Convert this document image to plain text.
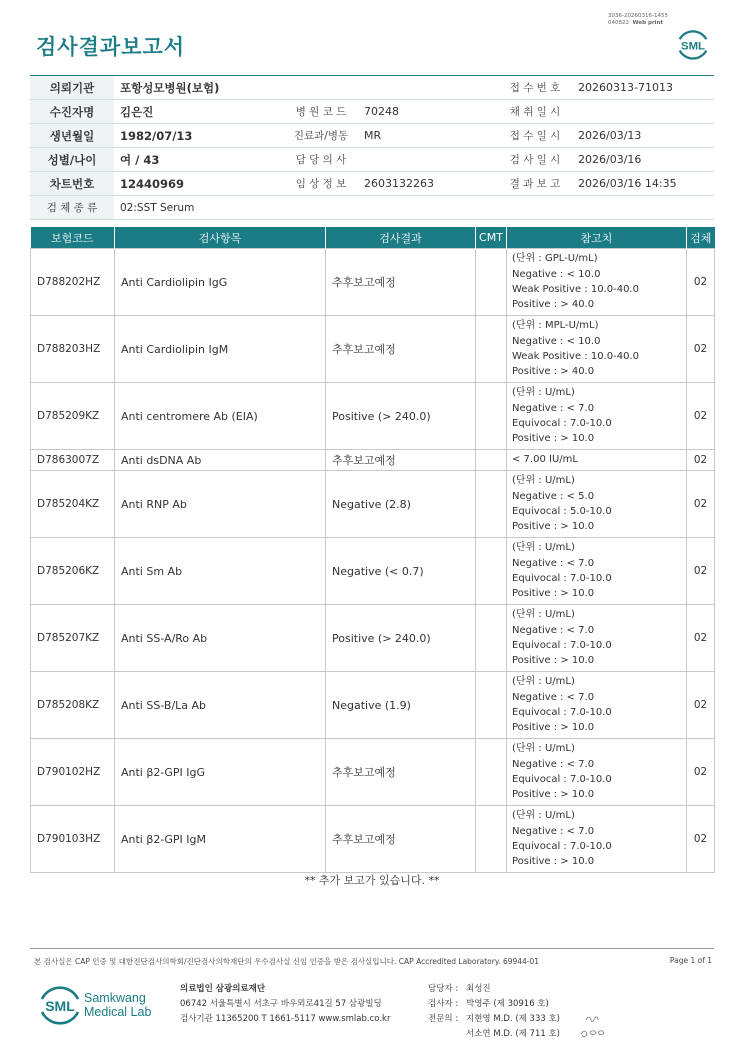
3036-20260316-1455
040822 Web print
검사결과보고서	SML
의뢰기관	포항성모병원(보험)			접 수 번 호	20260313-71013
수진자명	김은진	병 원 코 드	70248	채 취 일 시	
생년월일	1982/07/13	진료과/병동	MR	접 수 일 시	2026/03/13
성별/나이	여 / 43	담 당 의 사		검 사 일 시	2026/03/16
차트번호	12440969	임 상 정 보	2603132263	결 과 보 고	2026/03/16 14:35
검 체 종 류	02:SST Serum				
보험코드	검사항목	검사결과	CMT	참고치	검체
D788202HZ	Anti Cardiolipin IgG	추후보고예정		(단위 : GPL-U/mL)
Negative : < 10.0
Weak Positive : 10.0-40.0
Positive : > 40.0	02
D788203HZ	Anti Cardiolipin IgM	추후보고예정		(단위 : MPL-U/mL)
Negative : < 10.0
Weak Positive : 10.0-40.0
Positive : > 40.0	02
D785209KZ	Anti centromere Ab (EIA)	Positive (> 240.0)		(단위 : U/mL)
Negative : < 7.0
Equivocal : 7.0-10.0
Positive : > 10.0	02
D7863007Z	Anti dsDNA Ab	추후보고예정		< 7.00 IU/mL	02
D785204KZ	Anti RNP Ab	Negative (2.8)		(단위 : U/mL)
Negative : < 5.0
Equivocal : 5.0-10.0
Positive : > 10.0	02
D785206KZ	Anti Sm Ab	Negative (< 0.7)		(단위 : U/mL)
Negative : < 7.0
Equivocal : 7.0-10.0
Positive : > 10.0	02
D785207KZ	Anti SS-A/Ro Ab	Positive (> 240.0)		(단위 : U/mL)
Negative : < 7.0
Equivocal : 7.0-10.0
Positive : > 10.0	02
D785208KZ	Anti SS-B/La Ab	Negative (1.9)		(단위 : U/mL)
Negative : < 7.0
Equivocal : 7.0-10.0
Positive : > 10.0	02
D790102HZ	Anti β2-GPI IgG	추후보고예정		(단위 : U/mL)
Negative : < 7.0
Equivocal : 7.0-10.0
Positive : > 10.0	02
D790103HZ	Anti β2-GPI IgM	추후보고예정		(단위 : U/mL)
Negative : < 7.0
Equivocal : 7.0-10.0
Positive : > 10.0	02
** 추가 보고가 있습니다. **
본 검사실은 CAP 인증 및 대한진단검사의학회/진단검사의학재단의 우수검사실 신임 인증을 받은 검사실입니다. CAP Accredited Laboratory. 69944-01	Page 1 of 1
SML Samkwang
Medical Lab
의료법인 삼광의료재단
06742 서울특별시 서초구 바우뫼로41길 57 삼광빌딩
검사기관 11365200 T 1661-5117 www.smlab.co.kr
담당자 : 최성진
검사자 : 박영주 (제 30916 호)
전문의 : 지현영 M.D. (제 333 호)
서소연 M.D. (제 711 호)
